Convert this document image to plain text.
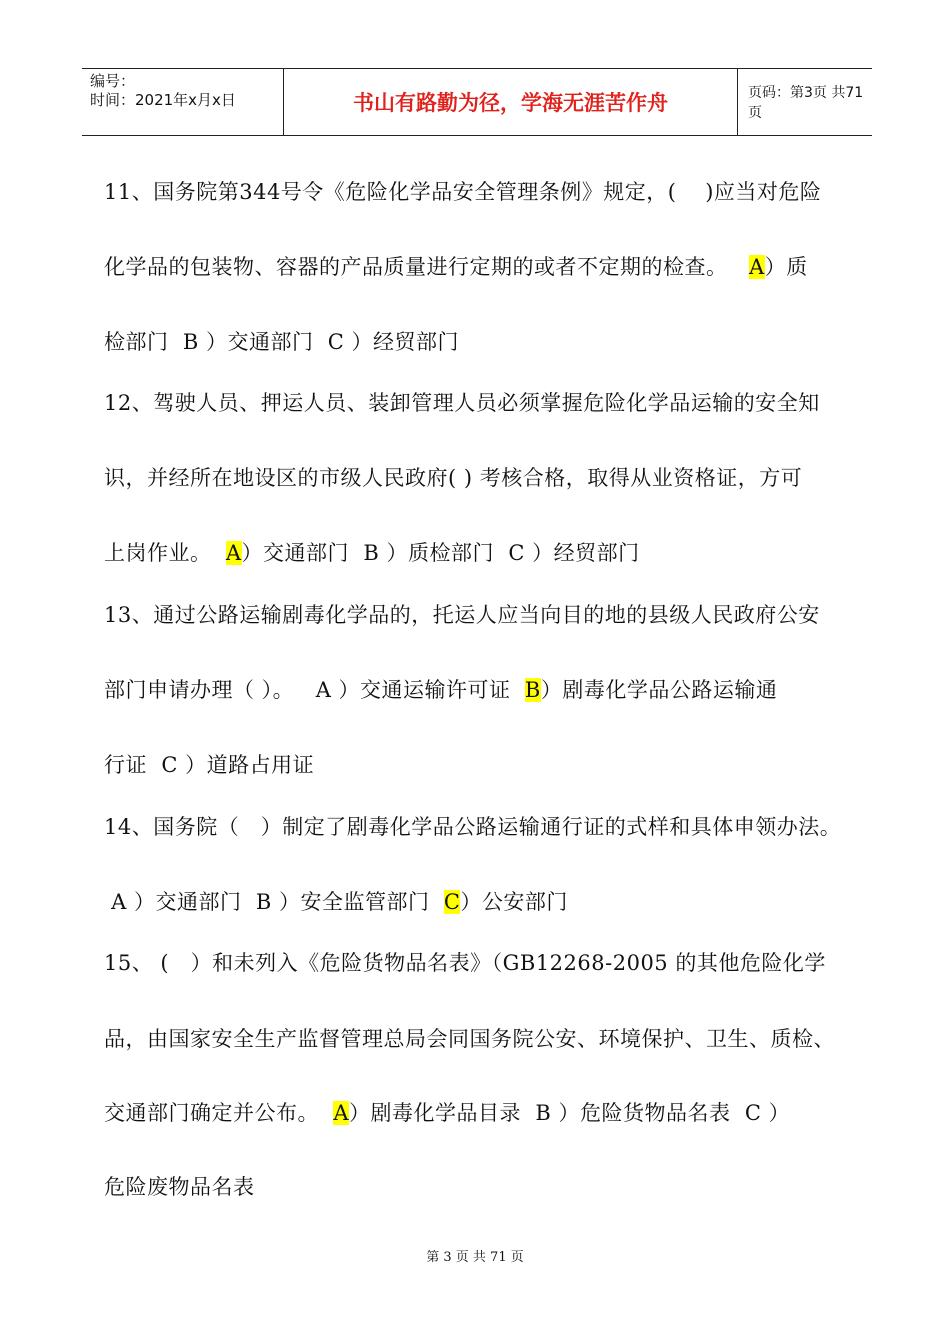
编号：
时间：2021年x月x日	书山有路勤为径，学海无涯苦作舟	页码：第3页 共71页
11、国务院第344号令《危险化学品安全管理条例》规定，(    )应当对危险
化学品的包装物、容器的产品质量进行定期的或者不定期的检查。   A）质
检部门  B ）交通部门  C ）经贸部门
12、驾驶人员、押运人员、装卸管理人员必须掌握危险化学品运输的安全知
识，并经所在地设区的市级人民政府( ) 考核合格，取得从业资格证，方可
上岗作业。  A）交通部门  B ）质检部门  C ）经贸部门
13、通过公路运输剧毒化学品的，托运人应当向目的地的县级人民政府公安
部门申请办理（ ）。   A ）交通运输许可证  B）剧毒化学品公路运输通
行证  C ）道路占用证
14、国务院（   ）制定了剧毒化学品公路运输通行证的式样和具体申领办法。
A ）交通部门  B ）安全监管部门  C）公安部门
15、 (   ）和未列入《危险货物品名表》（GB12268-2005 的其他危险化学
品，由国家安全生产监督管理总局会同国务院公安、环境保护、卫生、质检、
交通部门确定并公布。  A）剧毒化学品目录  B ）危险货物品名表  C ）
危险废物品名表
第 3 页 共 71 页
